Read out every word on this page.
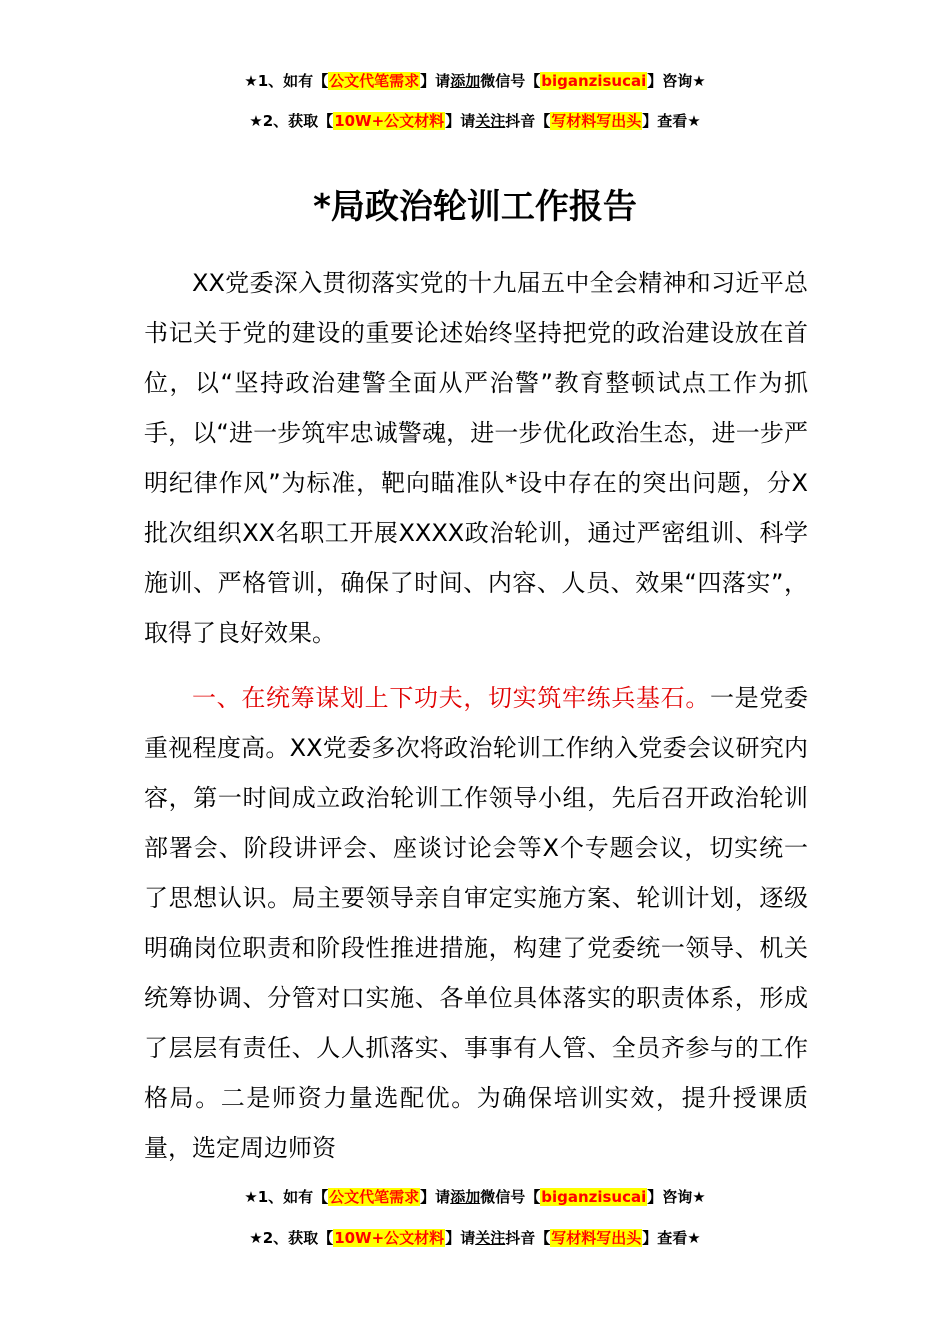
★1、如有【公文代笔需求】请添加微信号【biganzisucai】咨询★
★2、获取【10W+公文材料】请关注抖音【写材料写出头】查看★
*局政治轮训工作报告

XX党委深入贯彻落实党的十九届五中全会精神和习近平总书记关于党的建设的重要论述始终坚持把党的政治建设放在首位，以“坚持政治建警全面从严治警”教育整顿试点工作为抓手，以“进一步筑牢忠诚警魂，进一步优化政治生态，进一步严明纪律作风”为标准，靶向瞄准队*设中存在的突出问题，分X批次组织XX名职工开展XXXX政治轮训，通过严密组训、科学施训、严格管训，确保了时间、内容、人员、效果“四落实”，取得了良好效果。

一、在统筹谋划上下功夫，切实筑牢练兵基石。一是党委重视程度高。XX党委多次将政治轮训工作纳入党委会议研究内容，第一时间成立政治轮训工作领导小组，先后召开政治轮训部署会、阶段讲评会、座谈讨论会等X个专题会议，切实统一了思想认识。局主要领导亲自审定实施方案、轮训计划，逐级明确岗位职责和阶段性推进措施，构建了党委统一领导、机关统筹协调、分管对口实施、各单位具体落实的职责体系，形成了层层有责任、人人抓落实、事事有人管、全员齐参与的工作格局。二是师资力量选配优。为确保培训实效，提升授课质量，选定周边师资

★1、如有【公文代笔需求】请添加微信号【biganzisucai】咨询★
★2、获取【10W+公文材料】请关注抖音【写材料写出头】查看★
